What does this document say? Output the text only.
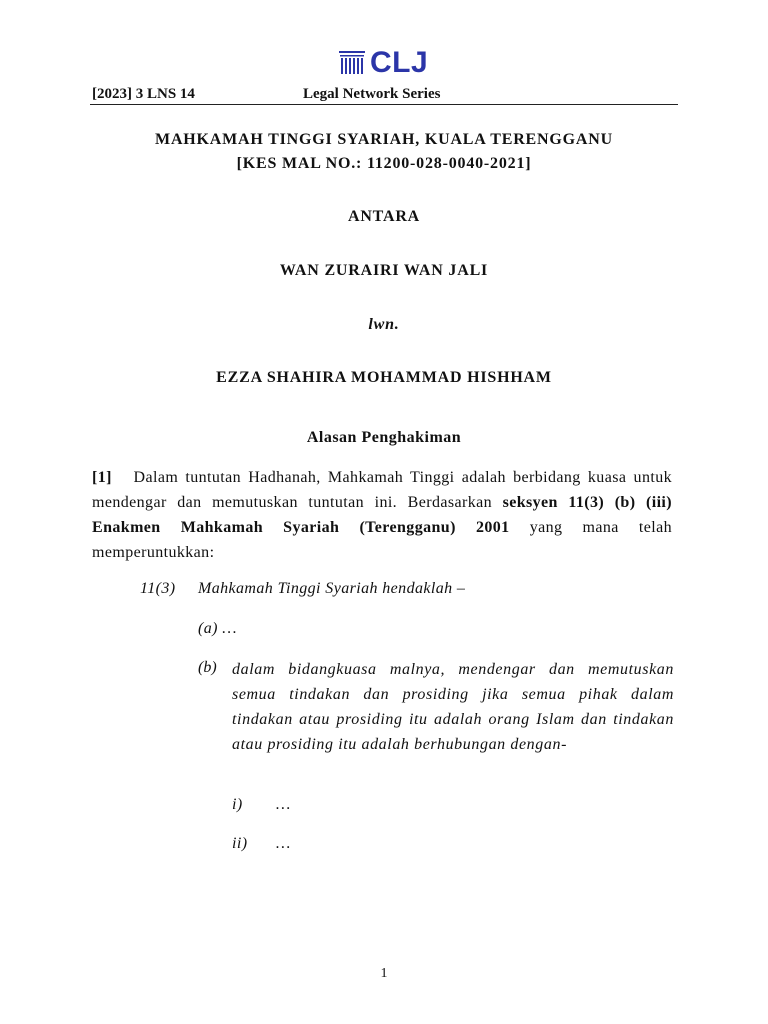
CLJ
[2023] 3 LNS 14	Legal Network Series
MAHKAMAH TINGGI SYARIAH, KUALA TERENGGANU
[KES MAL NO.: 11200-028-0040-2021]
ANTARA
WAN ZURAIRI WAN JALI
lwn.
EZZA SHAHIRA MOHAMMAD HISHHAM
Alasan Penghakiman
[1] Dalam tuntutan Hadhanah, Mahkamah Tinggi adalah berbidang kuasa untuk mendengar dan memutuskan tuntutan ini. Berdasarkan seksyen 11(3) (b) (iii) Enakmen Mahkamah Syariah (Terengganu) 2001 yang mana telah memperuntukkan:
11(3) Mahkamah Tinggi Syariah hendaklah –
(a) …
(b) dalam bidangkuasa malnya, mendengar dan memutuskan semua tindakan dan prosiding jika semua pihak dalam tindakan atau prosiding itu adalah orang Islam dan tindakan atau prosiding itu adalah berhubungan dengan-
i) …
ii) …
1
